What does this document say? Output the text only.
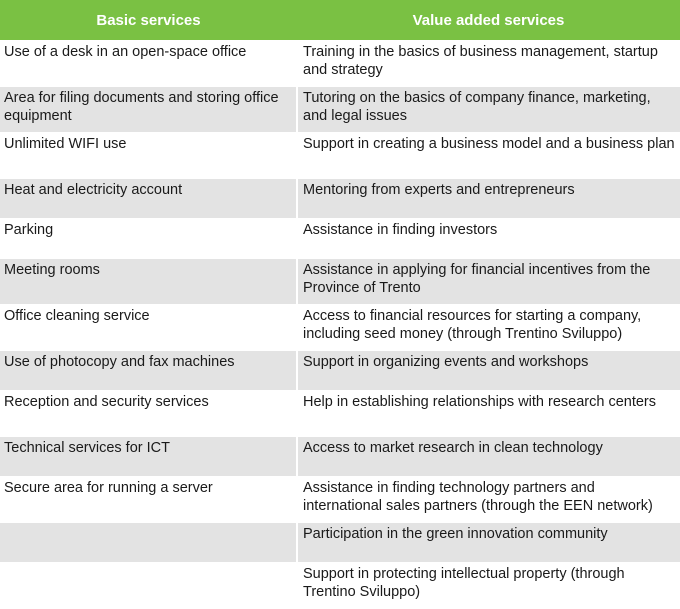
Basic services	Value added services
Use of a desk in an open-space office	Training in the basics of business management, startup and strategy
Area for filing documents and storing office equipment	Tutoring on the basics of company finance, marketing, and legal issues
Unlimited WIFI use	Support in creating a business model and a business plan
Heat and electricity account	Mentoring from experts and entrepreneurs
Parking	Assistance in finding investors
Meeting rooms	Assistance in applying for financial incentives from the Province of Trento
Office cleaning service	Access to financial resources for starting a company, including seed money (through Trentino Sviluppo)
Use of photocopy and fax machines	Support in organizing events and workshops
Reception and security services	Help in establishing relationships with research centers
Technical services for ICT	Access to market research in clean technology
Secure area for running a server	Assistance in finding technology partners and international sales partners (through the EEN network)
	Participation in the green innovation community
	Support in protecting intellectual property (through Trentino Sviluppo)
